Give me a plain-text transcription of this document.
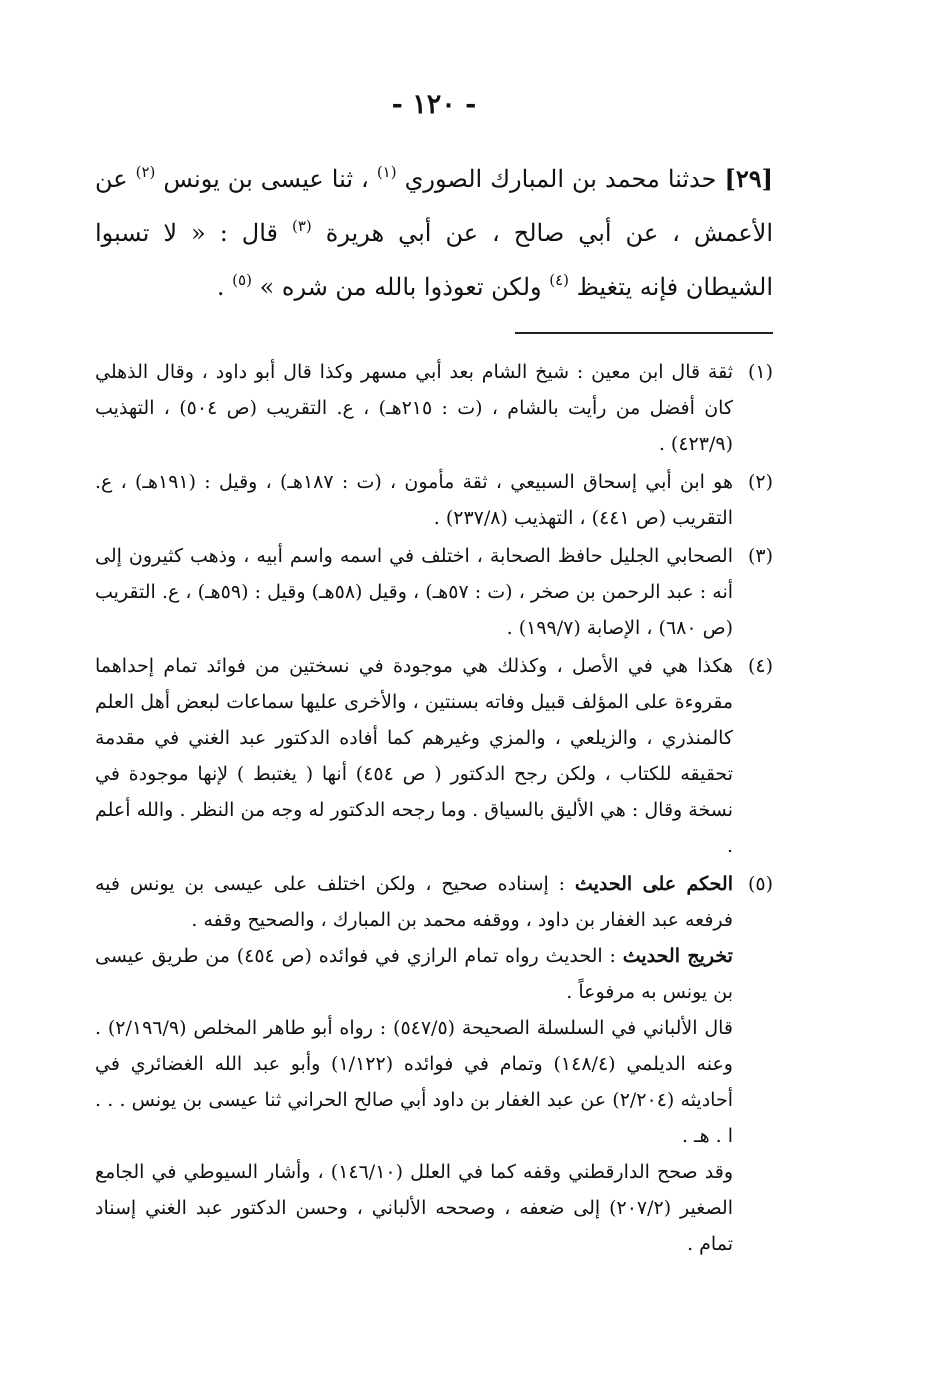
- ١٢٠ -
[٢٩] حدثنا محمد بن المبارك الصوري $^{(١)}$ ، ثنا عيسى بن يونس $^{(٢)}$ عن الأعمش ، عن أبي صالح ، عن أبي هريرة $^{(٣)}$ قال : « لا تسبوا الشيطان فإنه يتغيظ $^{(٤)}$ ولكن تعوذوا بالله من شره » $^{(٥)}$ .
(١)
ثقة قال ابن معين : شيخ الشام بعد أبي مسهر وكذا قال أبو داود ، وقال الذهلي كان أفضل من رأيت بالشام ، (ت : ٢١٥هـ) ، ع. التقريب (ص ٥٠٤) ، التهذيب (٤٢٣/٩) .
(٢)
هو ابن أبي إسحاق السبيعي ، ثقة مأمون ، (ت : ١٨٧هـ) ، وقيل : (١٩١هـ) ، ع. التقريب (ص ٤٤١) ، التهذيب (٢٣٧/٨) .
(٣)
الصحابي الجليل حافظ الصحابة ، اختلف في اسمه واسم أبيه ، وذهب كثيرون إلى أنه : عبد الرحمن بن صخر ، (ت : ٥٧هـ) ، وقيل (٥٨هـ) وقيل : (٥٩هـ) ، ع. التقريب (ص ٦٨٠) ، الإصابة (١٩٩/٧) .
(٤)
هكذا هي في الأصل ، وكذلك هي موجودة في نسختين من فوائد تمام إحداهما مقروءة على المؤلف قبيل وفاته بسنتين ، والأخرى عليها سماعات لبعض أهل العلم كالمنذري ، والزيلعي ، والمزي وغيرهم كما أفاده الدكتور عبد الغني في مقدمة تحقيقه للكتاب ، ولكن رجح الدكتور ( ص ٤٥٤) أنها ( يغتبط ) لإنها موجودة في نسخة وقال : هي الأليق بالسياق . وما رجحه الدكتور له وجه من النظر . والله أعلم .
(٥)

الحكم على الحديث : إسناده صحيح ، ولكن اختلف على عيسى بن يونس فيه فرفعه عبد الغفار بن داود ، ووقفه محمد بن المبارك ، والصحيح وقفه .

تخريج الحديث : الحديث رواه تمام الرازي في فوائده (ص ٤٥٤) من طريق عيسى بن يونس به مرفوعاً .

قال الألباني في السلسلة الصحيحة (٥٤٧/٥) : رواه أبو طاهر المخلص (٢/١٩٦/٩) . وعنه الديلمي (١٤٨/٤) وتمام في فوائده (١/١٢٢) وأبو عبد الله الغضائري في أحاديثه (٢/٢٠٤) عن عبد الغفار بن داود أبي صالح الحراني ثنا عيسى بن يونس . . . ا . هـ .

وقد صحح الدارقطني وقفه كما في العلل (١٤٦/١٠) ، وأشار السيوطي في الجامع الصغير (٢٠٧/٢) إلى ضعفه ، وصححه الألباني ، وحسن الدكتور عبد الغني إسناد تمام .
